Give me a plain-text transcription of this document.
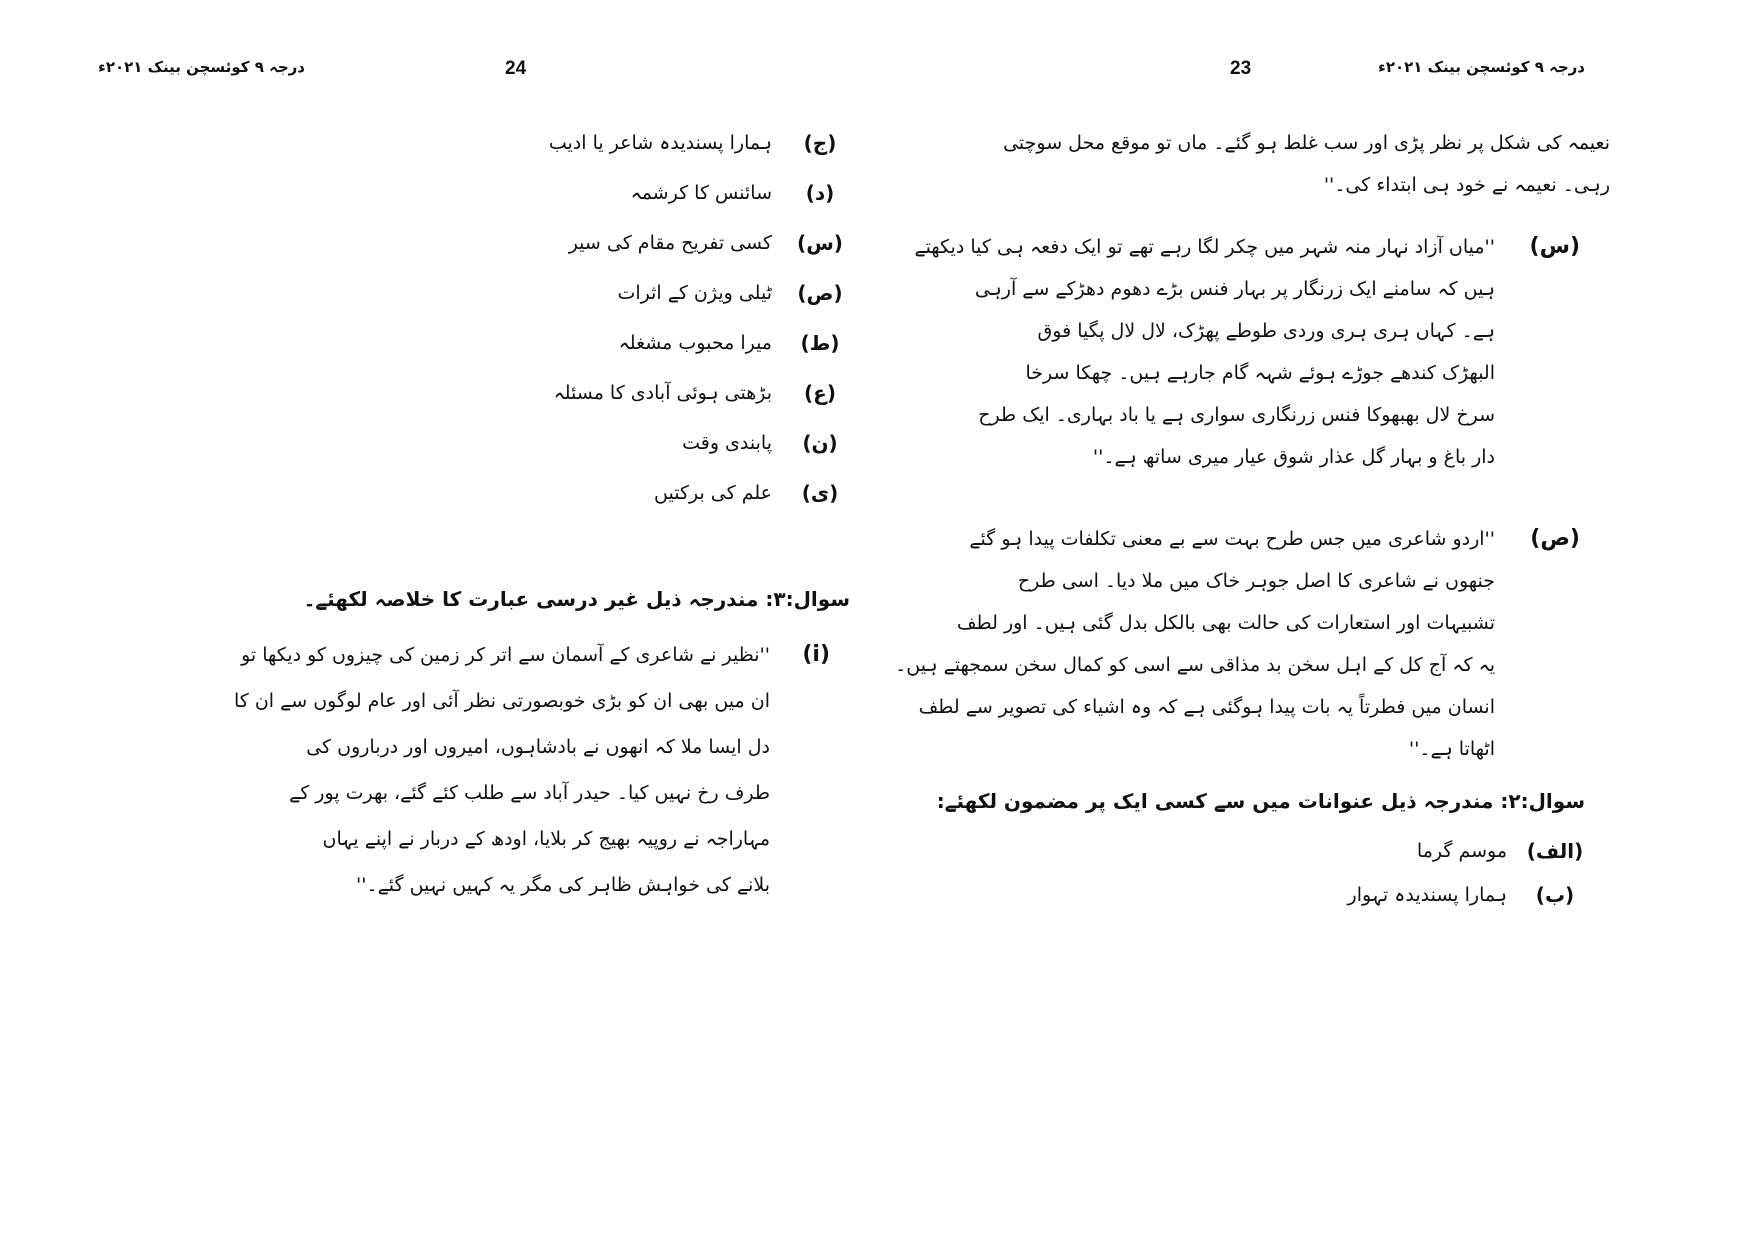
درجہ ۹ کوئسچن بینک ۲۰۲۱ء
23
نعیمہ کی شکل پر نظر پڑی اور سب غلط ہو گئے۔ ماں تو موقع محل سوچتی
رہی۔ نعیمہ نے خود ہی ابتداء کی۔''
(س)
''میاں آزاد نہار منہ شہر میں چکر لگا رہے تھے تو ایک دفعہ ہی کیا دیکھتے
ہیں کہ سامنے ایک زرنگار پر بہار فنس بڑے دھوم دھڑکے سے آرہی
ہے۔ کہاں ہری ہری وردی طوطے پھڑک، لال لال پگیا فوق
البھڑک کندھے جوڑے ہوئے شہہ گام جارہے ہیں۔ چھکا سرخا
سرخ لال بھبھوکا فنس زرنگاری سواری ہے یا باد بہاری۔ ایک طرح
دار باغ و بہار گل عذار شوق عیار میری ساتھ ہے۔''
(ص)
''اردو شاعری میں جس طرح بہت سے بے معنی تکلفات پیدا ہو گئے
جنھوں نے شاعری کا اصل جوہر خاک میں ملا دیا۔ اسی طرح
تشبیہات اور استعارات کی حالت بھی بالکل بدل گئی ہیں۔ اور لطف
یہ کہ آج کل کے اہل سخن بد مذاقی سے اسی کو کمال سخن سمجھتے ہیں۔
انسان میں فطرتاً یہ بات پیدا ہوگئی ہے کہ وہ اشیاء کی تصویر سے لطف
اٹھاتا ہے۔''
سوال:۲: مندرجہ ذیل عنوانات میں سے کسی ایک پر مضمون لکھئے:
(الف)
موسم گرما
(ب)
ہمارا پسندیدہ تہوار
درجہ ۹ کوئسچن بینک ۲۰۲۱ء	24
(ج)
ہمارا پسندیدہ شاعر یا ادیب
(د)
سائنس کا کرشمہ
(س)
کسی تفریح مقام کی سیر
(ص)
ٹیلی ویژن کے اثرات
(ط)
میرا محبوب مشغلہ
(ع)
بڑھتی ہوئی آبادی کا مسئلہ
(ن)
پابندی وقت
(ی)
علم کی برکتیں
سوال:۳: مندرجہ ذیل غیر درسی عبارت کا خلاصہ لکھئے۔
(i)
''نظیر نے شاعری کے آسمان سے اتر کر زمین کی چیزوں کو دیکھا تو
ان میں بھی ان کو بڑی خوبصورتی نظر آئی اور عام لوگوں سے ان کا
دل ایسا ملا کہ انھوں نے بادشاہوں، امیروں اور درباروں کی
طرف رخ نہیں کیا۔ حیدر آباد سے طلب کئے گئے، بھرت پور کے
مہاراجہ نے روپیہ بھیج کر بلایا، اودھ کے دربار نے اپنے یہاں
بلانے کی خواہش ظاہر کی مگر یہ کہیں نہیں گئے۔''
